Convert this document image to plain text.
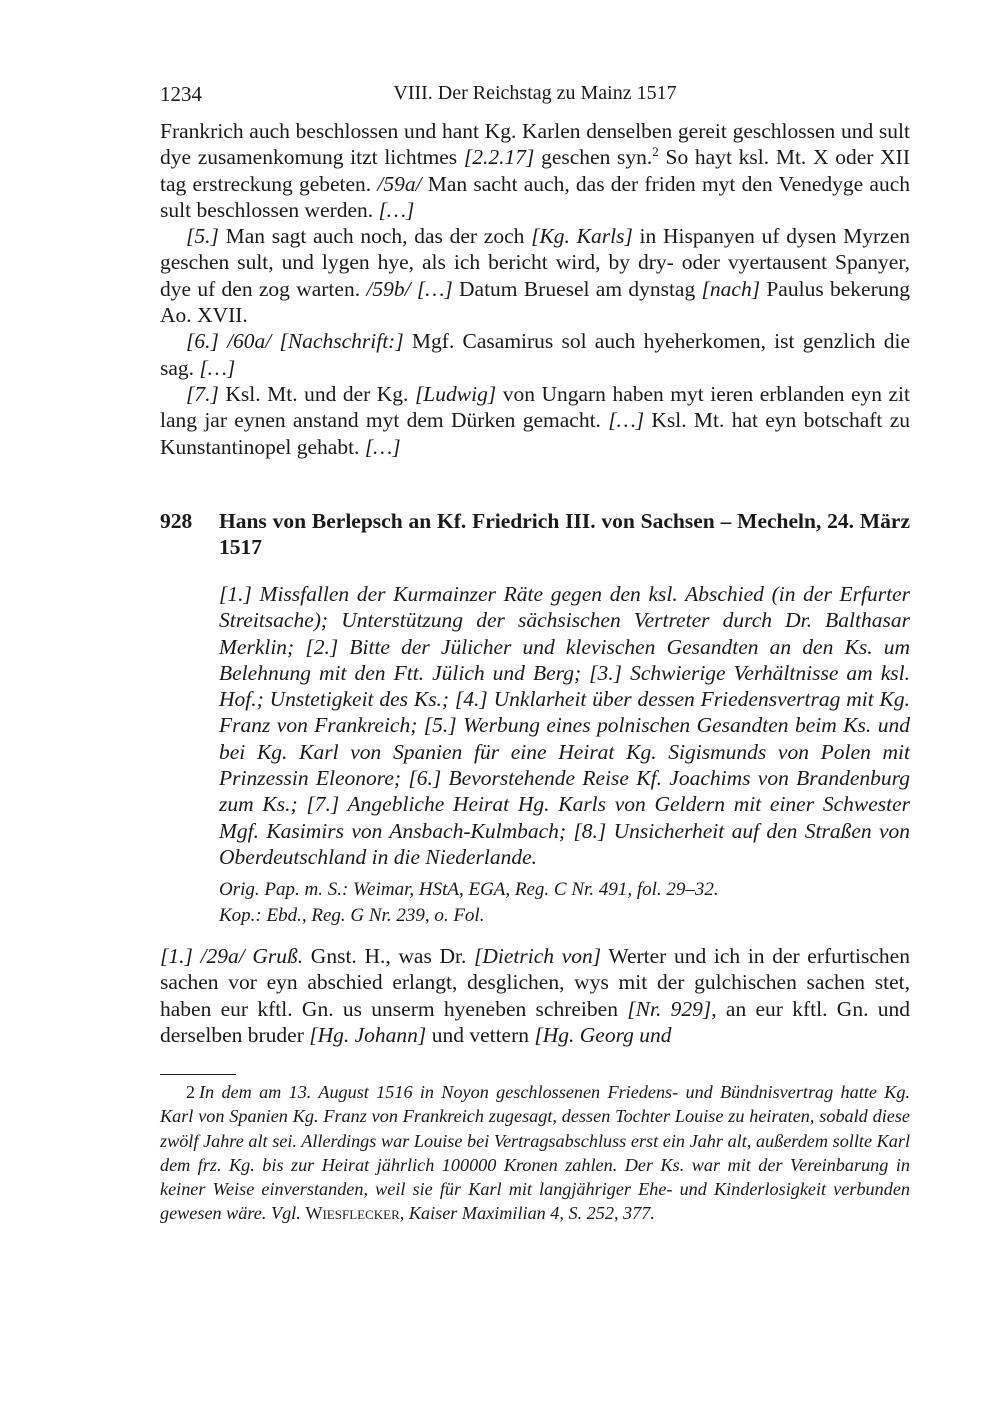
1234	VIII. Der Reichstag zu Mainz 1517

Frankrich auch beschlossen und hant Kg. Karlen denselben gereit geschlossen und sult dye zusamenkomung itzt lichtmes [2.2.17] geschen syn.$^2$ So hayt ksl. Mt. X oder XII tag erstreckung gebeten. /59a/ Man sacht auch, das der friden myt den Venedyge auch sult beschlossen werden. […]

[5.] Man sagt auch noch, das der zoch [Kg. Karls] in Hispanyen uf dysen Myrzen geschen sult, und lygen hye, als ich bericht wird, by dry- oder vyertausent Spanyer, dye uf den zog warten. /59b/ […] Datum Bruesel am dynstag [nach] Paulus bekerung Ao. XVII.

[6.] /60a/ [Nachschrift:] Mgf. Casamirus sol auch hyeherkomen, ist genzlich die sag. […]

[7.] Ksl. Mt. und der Kg. [Ludwig] von Ungarn haben myt ieren erblanden eyn zit lang jar eynen anstand myt dem Dürken gemacht. […] Ksl. Mt. hat eyn botschaft zu Kunstantinopel gehabt. […]

928 Hans von Berlepsch an Kf. Friedrich III. von Sachsen – Mecheln, 24. März 1517

[1.] Missfallen der Kurmainzer Räte gegen den ksl. Abschied (in der Erfurter Streitsache); Unterstützung der sächsischen Vertreter durch Dr. Balthasar Merklin; [2.] Bitte der Jülicher und klevischen Gesandten an den Ks. um Belehnung mit den Ftt. Jülich und Berg; [3.] Schwierige Verhältnisse am ksl. Hof.; Unstetigkeit des Ks.; [4.] Unklarheit über dessen Friedensvertrag mit Kg. Franz von Frankreich; [5.] Werbung eines polnischen Gesandten beim Ks. und bei Kg. Karl von Spanien für eine Heirat Kg. Sigismunds von Polen mit Prinzessin Eleonore; [6.] Bevorstehende Reise Kf. Joachims von Brandenburg zum Ks.; [7.] Angebliche Heirat Hg. Karls von Geldern mit einer Schwester Mgf. Kasimirs von Ansbach-Kulmbach; [8.] Unsicherheit auf den Straßen von Oberdeutschland in die Niederlande.

Orig. Pap. m. S.: Weimar, HStA, EGA, Reg. C Nr. 491, fol. 29–32.
Kop.: Ebd., Reg. G Nr. 239, o. Fol.

[1.] /29a/ Gruß. Gnst. H., was Dr. [Dietrich von] Werter und ich in der erfurtischen sachen vor eyn abschied erlangt, desglichen, wys mit der gulchischen sachen stet, haben eur kftl. Gn. us unserm hyeneben schreiben [Nr. 929], an eur kftl. Gn. und derselben bruder [Hg. Johann] und vettern [Hg. Georg und

2 In dem am 13. August 1516 in Noyon geschlossenen Friedens- und Bündnisvertrag hatte Kg. Karl von Spanien Kg. Franz von Frankreich zugesagt, dessen Tochter Louise zu heiraten, sobald diese zwölf Jahre alt sei. Allerdings war Louise bei Vertragsabschluss erst ein Jahr alt, außerdem sollte Karl dem frz. Kg. bis zur Heirat jährlich 100000 Kronen zahlen. Der Ks. war mit der Vereinbarung in keiner Weise einverstanden, weil sie für Karl mit langjähriger Ehe- und Kinderlosigkeit verbunden gewesen wäre. Vgl. Wiesflecker, Kaiser Maximilian 4, S. 252, 377.
